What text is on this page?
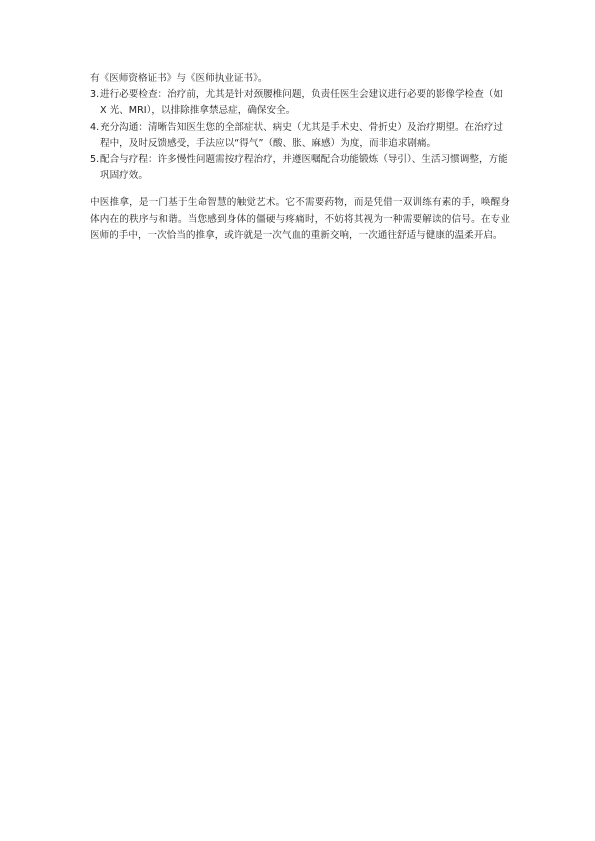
有《医师资格证书》与《医师执业证书》。

3. 进行必要检查：治疗前，尤其是针对颈腰椎问题，负责任医生会建议进行必要的影像学检查（如 X 光、MRI），以排除推拿禁忌症，确保安全。
4. 充分沟通：清晰告知医生您的全部症状、病史（尤其是手术史、骨折史）及治疗期望。在治疗过程中，及时反馈感受，手法应以“得气”（酸、胀、麻感）为度，而非追求剧痛。
5. 配合与疗程：许多慢性问题需按疗程治疗，并遵医嘱配合功能锻炼（导引）、生活习惯调整，方能巩固疗效。

中医推拿，是一门基于生命智慧的触觉艺术。它不需要药物，而是凭借一双训练有素的手，唤醒身体内在的秩序与和谐。当您感到身体的僵硬与疼痛时，不妨将其视为一种需要解读的信号。在专业医师的手中，一次恰当的推拿，或许就是一次气血的重新交响，一次通往舒适与健康的温柔开启。
